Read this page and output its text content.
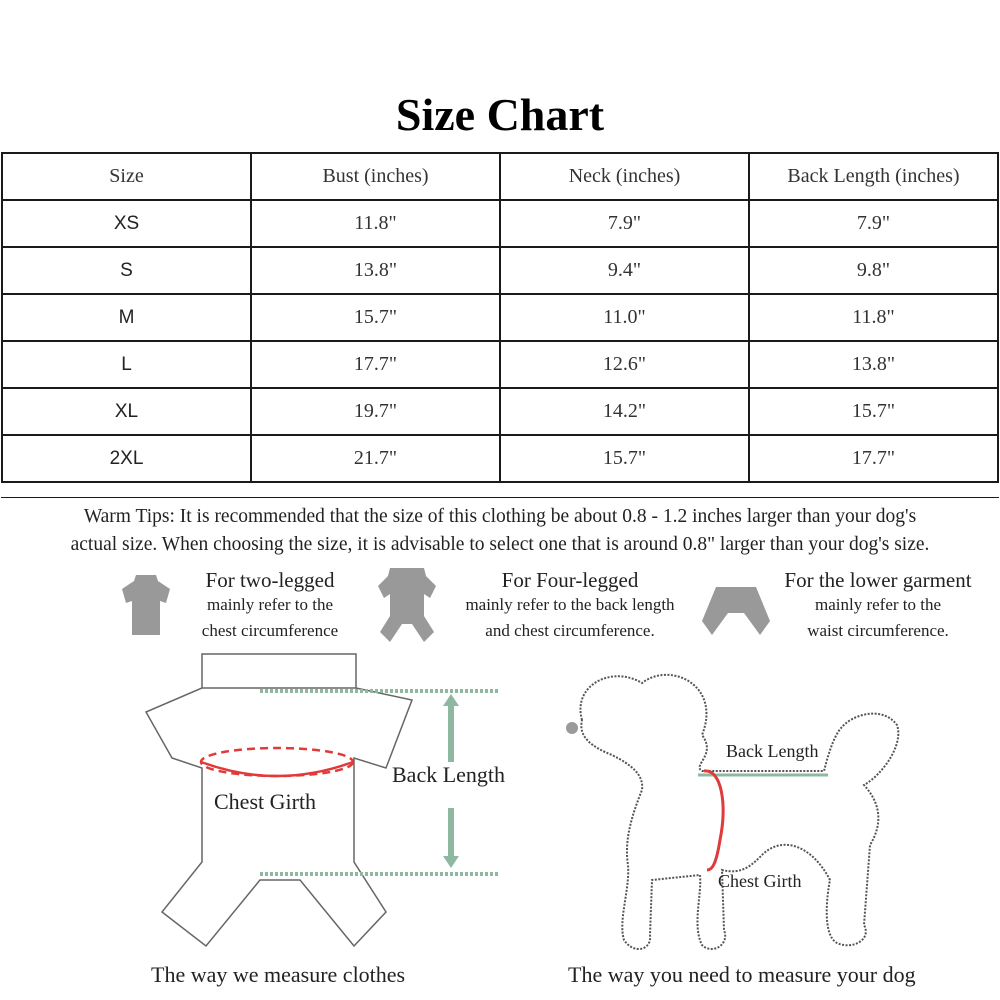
Size Chart
Size	Bust (inches)	Neck (inches)	Back Length (inches)
XS	11.8"	7.9"	7.9"
S	13.8"	9.4"	9.8"
M	15.7"	11.0"	11.8"
L	17.7"	12.6"	13.8"
XL	19.7"	14.2"	15.7"
2XL	21.7"	15.7"	17.7"
Warm Tips: It is recommended that the size of this clothing be about 0.8 - 1.2 inches larger than your dog's
actual size. When choosing the size, it is advisable to select one that is around 0.8" larger than your dog's size.
For two-legged
mainly refer to the
chest circumference
For Four-legged
mainly refer to the back length
and chest circumference.
For the lower garment
mainly refer to the
waist circumference.
Back Length
Chest Girth
Back Length
Chest Girth
The way we measure clothes	The way you need to measure your dog
